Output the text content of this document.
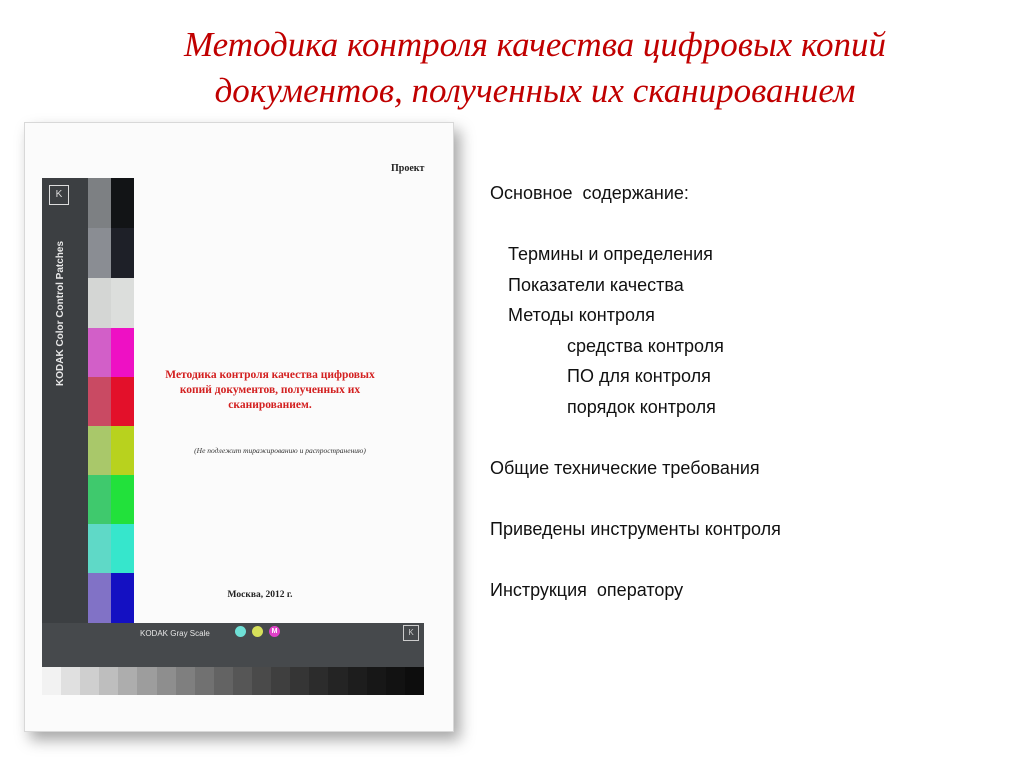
Методика контроля качества цифровых копий
документов, полученных их сканированием
Проект
K
KODAK Gray Scale	M	K
Методика контроля качества цифровых
копий документов, полученных их
сканированием.
(Не подлежит тиражированию и распространению)
Москва, 2012 г.
Основное  содержание:
Термины и определения
Показатели качества
Методы контроля
средства контроля
ПО для контроля
порядок контроля
Общие технические требования
Приведены инструменты контроля
Инструкция  оператору
